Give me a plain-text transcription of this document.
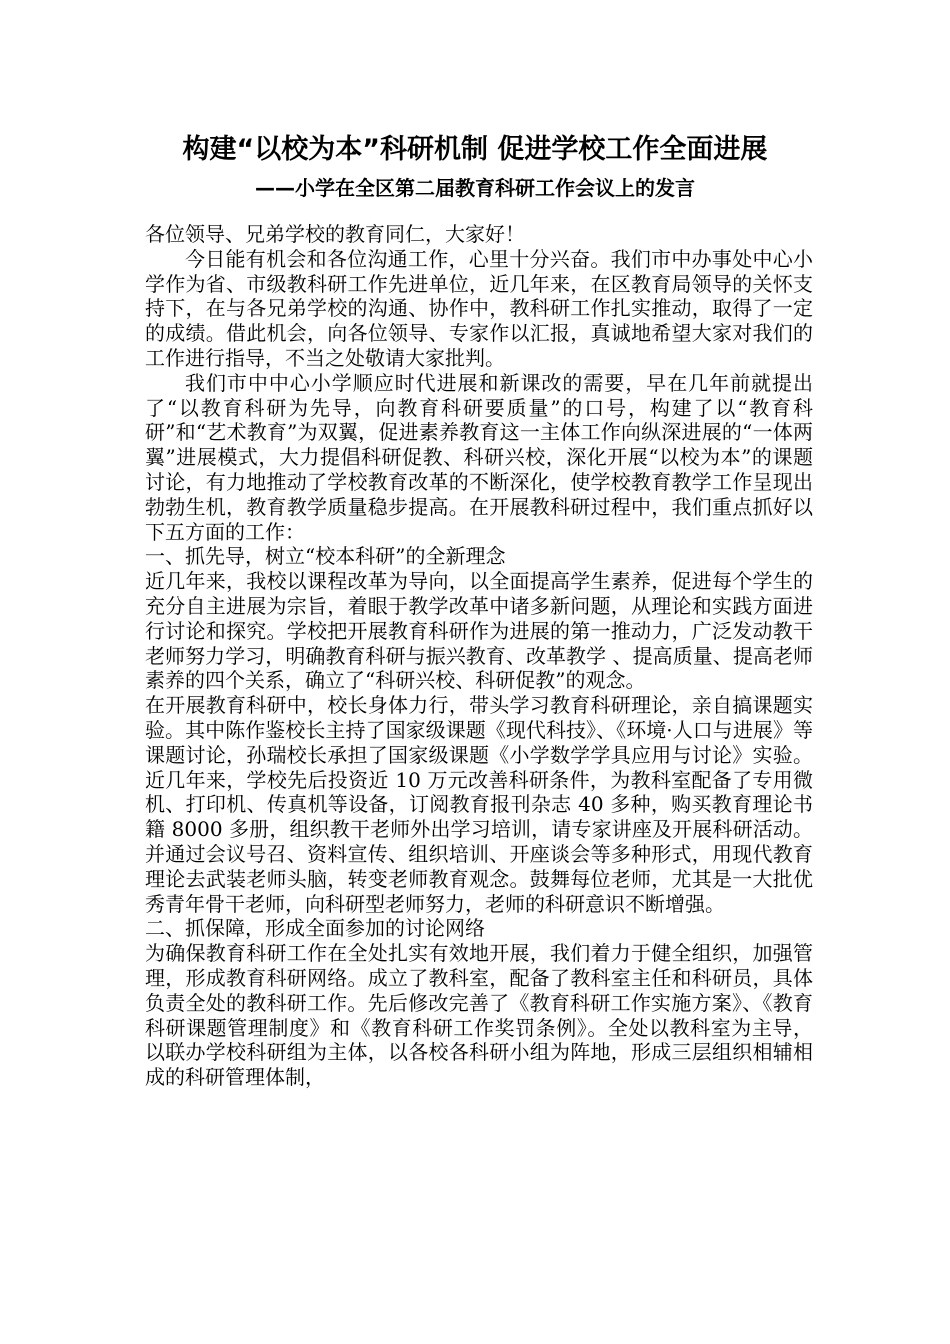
构建“以校为本”科研机制 促进学校工作全面进展
——小学在全区第二届教育科研工作会议上的发言

各位领导、兄弟学校的教育同仁，大家好！

今日能有机会和各位沟通工作，心里十分兴奋。我们市中办事处中心小学作为省、市级教科研工作先进单位，近几年来，在区教育局领导的关怀支持下，在与各兄弟学校的沟通、协作中，教科研工作扎实推动，取得了一定的成绩。借此机会，向各位领导、专家作以汇报，真诚地希望大家对我们的工作进行指导，不当之处敬请大家批判。

我们市中中心小学顺应时代进展和新课改的需要，早在几年前就提出了“以教育科研为先导，向教育科研要质量”的口号，构建了以“教育科研”和“艺术教育”为双翼，促进素养教育这一主体工作向纵深进展的“一体两翼”进展模式，大力提倡科研促教、科研兴校，深化开展“以校为本”的课题讨论，有力地推动了学校教育改革的不断深化，使学校教育教学工作呈现出勃勃生机，教育教学质量稳步提高。在开展教科研过程中，我们重点抓好以下五方面的工作：

一、抓先导，树立“校本科研”的全新理念

近几年来，我校以课程改革为导向，以全面提高学生素养，促进每个学生的充分自主进展为宗旨，着眼于教学改革中诸多新问题，从理论和实践方面进行讨论和探究。学校把开展教育科研作为进展的第一推动力，广泛发动教干老师努力学习，明确教育科研与振兴教育、改革教学 、提高质量、提高老师素养的四个关系，确立了“科研兴校、科研促教”的观念。

在开展教育科研中，校长身体力行，带头学习教育科研理论，亲自搞课题实验。其中陈作鉴校长主持了国家级课题《现代科技》、《环境·人口与进展》等课题讨论，孙瑞校长承担了国家级课题《小学数学学具应用与讨论》实验。近几年来，学校先后投资近 10 万元改善科研条件，为教科室配备了专用微机、打印机、传真机等设备，订阅教育报刊杂志 40 多种，购买教育理论书籍 8000 多册，组织教干老师外出学习培训，请专家讲座及开展科研活动。并通过会议号召、资料宣传、组织培训、开座谈会等多种形式，用现代教育理论去武装老师头脑，转变老师教育观念。鼓舞每位老师，尤其是一大批优秀青年骨干老师，向科研型老师努力，老师的科研意识不断增强。

二、抓保障，形成全面参加的讨论网络

为确保教育科研工作在全处扎实有效地开展，我们着力于健全组织，加强管理，形成教育科研网络。成立了教科室，配备了教科室主任和科研员，具体负责全处的教科研工作。先后修改完善了《教育科研工作实施方案》、《教育科研课题管理制度》和《教育科研工作奖罚条例》。全处以教科室为主导，以联办学校科研组为主体，以各校各科研小组为阵地，形成三层组织相辅相成的科研管理体制，
